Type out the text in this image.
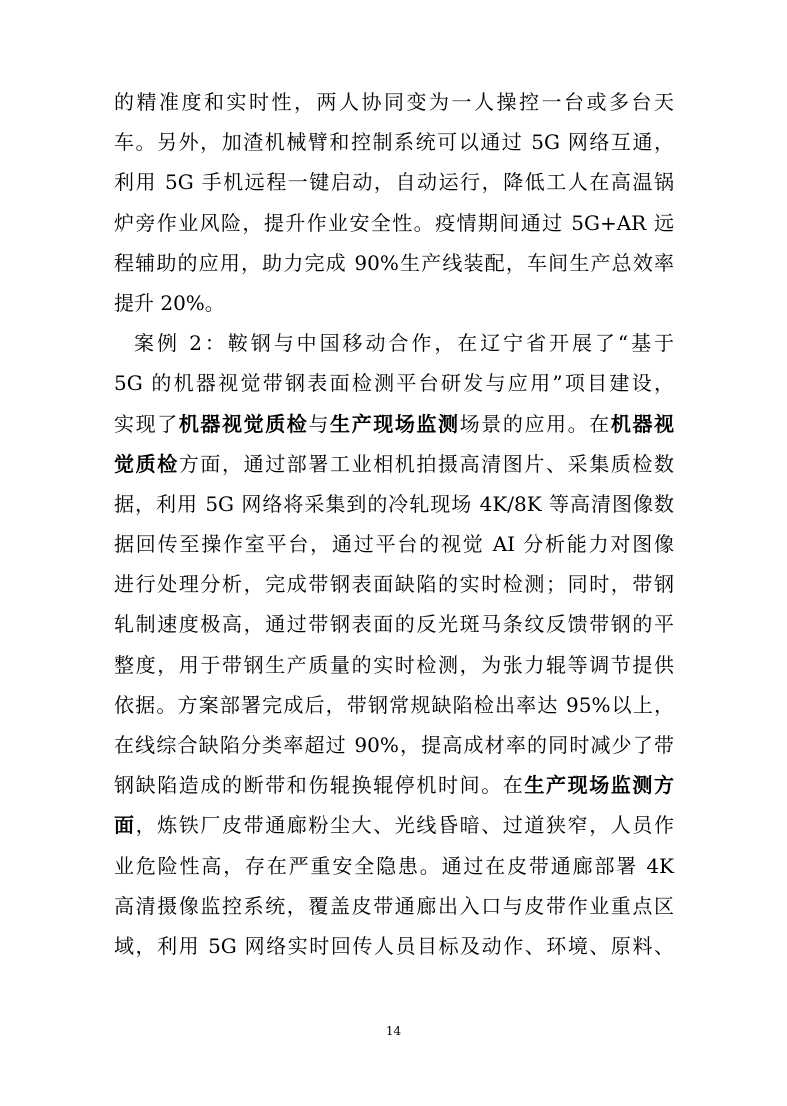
的精准度和实时性，两人协同变为一人操控一台或多台天
车。另外，加渣机械臂和控制系统可以通过 5G 网络互通，
利用 5G 手机远程一键启动，自动运行，降低工人在高温锅
炉旁作业风险，提升作业安全性。疫情期间通过 5G+AR 远
程辅助的应用，助力完成 90%生产线装配，车间生产总效率
提升 20%。
案例 2：鞍钢与中国移动合作，在辽宁省开展了“基于
5G 的机器视觉带钢表面检测平台研发与应用”项目建设，
实现了机器视觉质检与生产现场监测场景的应用。在机器视
觉质检方面，通过部署工业相机拍摄高清图片、采集质检数
据，利用 5G 网络将采集到的冷轧现场 4K/8K 等高清图像数
据回传至操作室平台，通过平台的视觉 AI 分析能力对图像
进行处理分析，完成带钢表面缺陷的实时检测；同时，带钢
轧制速度极高，通过带钢表面的反光斑马条纹反馈带钢的平
整度，用于带钢生产质量的实时检测，为张力辊等调节提供
依据。方案部署完成后，带钢常规缺陷检出率达 95%以上，
在线综合缺陷分类率超过 90%，提高成材率的同时减少了带
钢缺陷造成的断带和伤辊换辊停机时间。在生产现场监测方
面，炼铁厂皮带通廊粉尘大、光线昏暗、过道狭窄，人员作
业危险性高，存在严重安全隐患。通过在皮带通廊部署 4K
高清摄像监控系统，覆盖皮带通廊出入口与皮带作业重点区
域，利用 5G 网络实时回传人员目标及动作、环境、原料、
14
